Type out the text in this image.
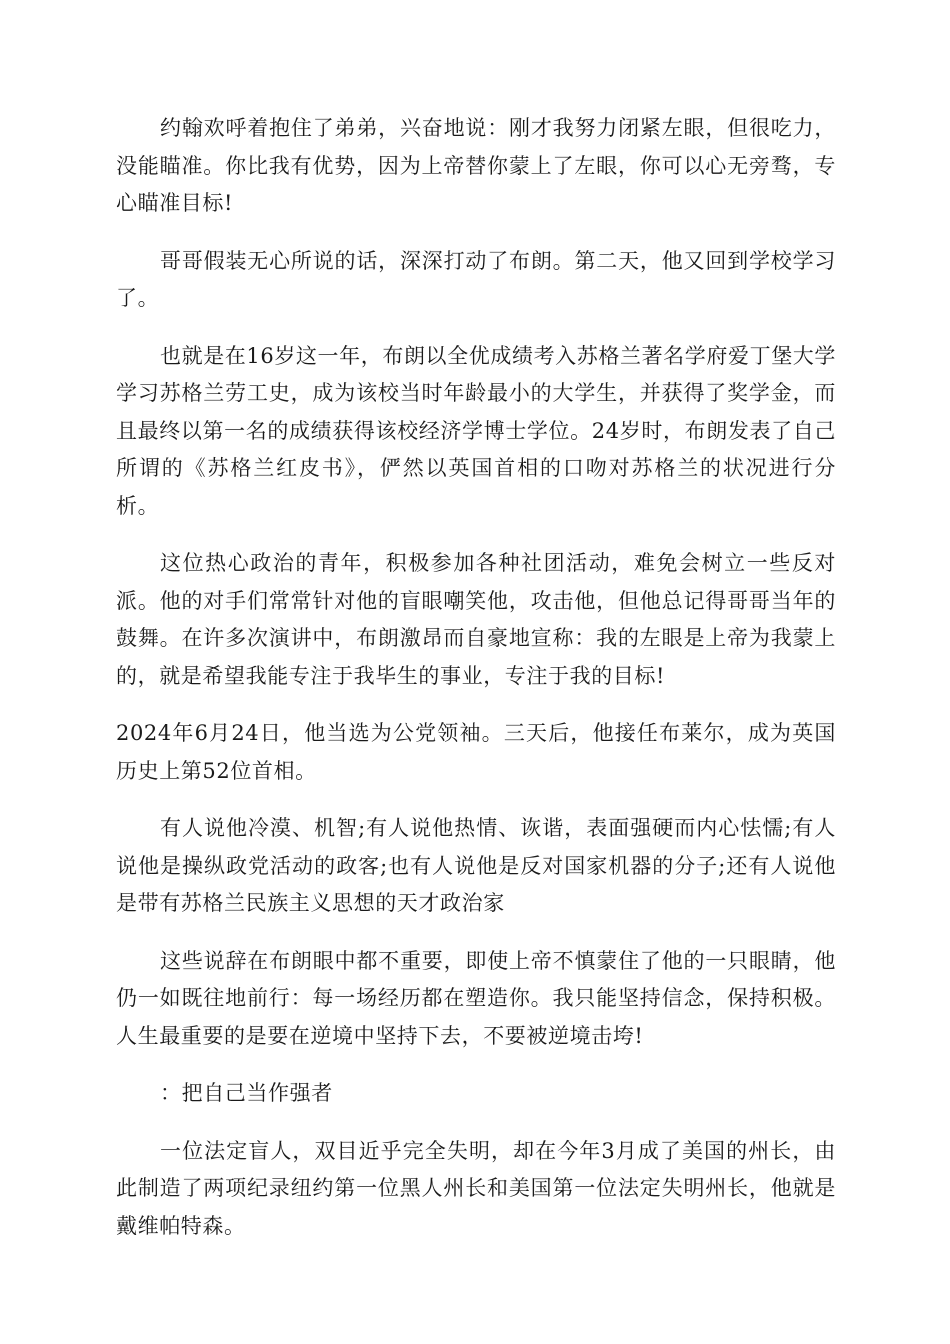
约翰欢呼着抱住了弟弟，兴奋地说：刚才我努力闭紧左眼，但很吃力，没能瞄准。你比我有优势，因为上帝替你蒙上了左眼，你可以心无旁骛，专心瞄准目标!

哥哥假装无心所说的话，深深打动了布朗。第二天，他又回到学校学习了。

也就是在16岁这一年，布朗以全优成绩考入苏格兰著名学府爱丁堡大学学习苏格兰劳工史，成为该校当时年龄最小的大学生，并获得了奖学金，而且最终以第一名的成绩获得该校经济学博士学位。24岁时，布朗发表了自己所谓的《苏格兰红皮书》，俨然以英国首相的口吻对苏格兰的状况进行分析。

这位热心政治的青年，积极参加各种社团活动，难免会树立一些反对派。他的对手们常常针对他的盲眼嘲笑他，攻击他，但他总记得哥哥当年的鼓舞。在许多次演讲中，布朗激昂而自豪地宣称：我的左眼是上帝为我蒙上的，就是希望我能专注于我毕生的事业，专注于我的目标!

2024年6月24日，他当选为公党领袖。三天后，他接任布莱尔，成为英国历史上第52位首相。

有人说他冷漠、机智;有人说他热情、诙谐，表面强硬而内心怯懦;有人说他是操纵政党活动的政客;也有人说他是反对国家机器的分子;还有人说他是带有苏格兰民族主义思想的天才政治家

这些说辞在布朗眼中都不重要，即使上帝不慎蒙住了他的一只眼睛，他仍一如既往地前行：每一场经历都在塑造你。我只能坚持信念，保持积极。人生最重要的是要在逆境中坚持下去，不要被逆境击垮!

：把自己当作强者

一位法定盲人，双目近乎完全失明，却在今年3月成了美国的州长，由此制造了两项纪录纽约第一位黑人州长和美国第一位法定失明州长，他就是戴维帕特森。
